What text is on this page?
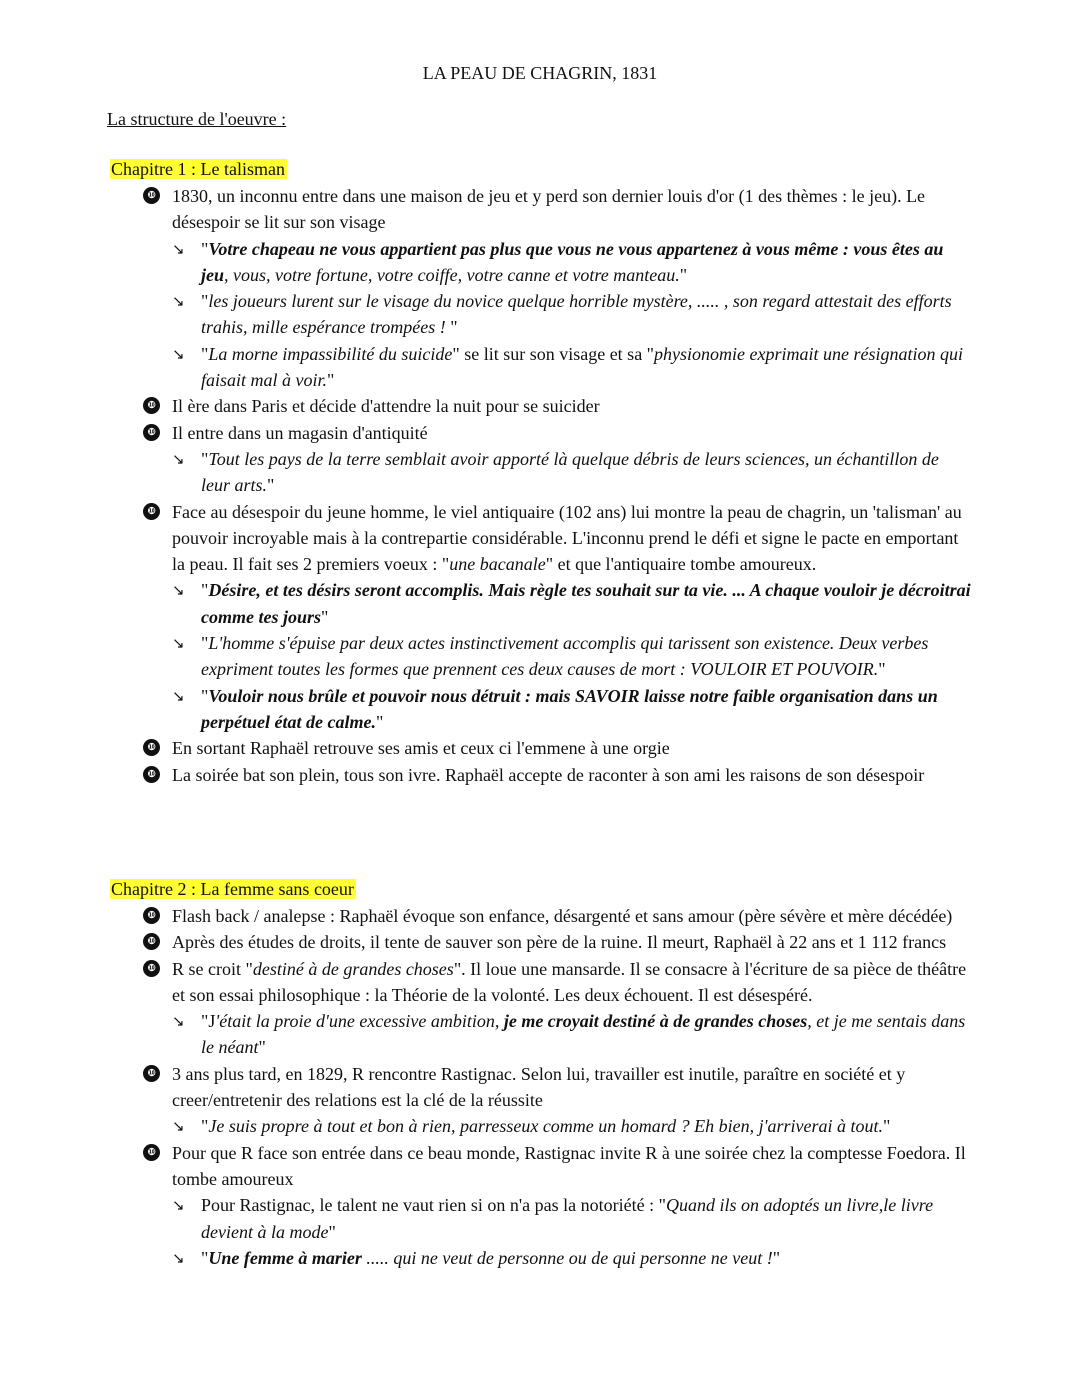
LA PEAU DE CHAGRIN, 1831
La structure de l'oeuvre :
Chapitre 1 : Le talisman
❿ 1830, un inconnu entre dans une maison de jeu et y perd son dernier louis d'or (1 des thèmes : le jeu). Le désespoir se lit sur son visage
↘ "Votre chapeau ne vous appartient pas plus que vous ne vous appartenez à vous même : vous êtes au jeu, vous, votre fortune, votre coiffe, votre canne et votre manteau."
↘ "les joueurs lurent sur le visage du novice quelque horrible mystère, ..... , son regard attestait des efforts trahis, mille espérance trompées ! "
↘ "La morne impassibilité du suicide" se lit sur son visage et sa "physionomie exprimait une résignation qui faisait mal à voir."
❿ Il ère dans Paris et décide d'attendre la nuit pour se suicider
❿ Il entre dans un magasin d'antiquité
↘ "Tout les pays de la terre semblait avoir apporté là quelque débris de leurs sciences, un échantillon de leur arts."
❿ Face au désespoir du jeune homme, le viel antiquaire (102 ans) lui montre la peau de chagrin, un 'talisman' au pouvoir incroyable mais à la contrepartie considérable. L'inconnu prend le défi et signe le pacte en emportant la peau. Il fait ses 2 premiers voeux : "une bacanale" et que l'antiquaire tombe amoureux.
↘ "Désire, et tes désirs seront accomplis. Mais règle tes souhait sur ta vie. ... A chaque vouloir je décroitrai comme tes jours"
↘ "L'homme s'épuise par deux actes instinctivement accomplis qui tarissent son existence. Deux verbes expriment toutes les formes que prennent ces deux causes de mort : VOULOIR ET POUVOIR."
↘ "Vouloir nous brûle et pouvoir nous détruit : mais SAVOIR laisse notre faible organisation dans un perpétuel état de calme."
❿ En sortant Raphaël retrouve ses amis et ceux ci l'emmene à une orgie
❿ La soirée bat son plein, tous son ivre. Raphaël accepte de raconter à son ami les raisons de son désespoir
Chapitre 2 : La femme sans coeur
❿ Flash back / analepse : Raphaël évoque son enfance, désargenté et sans amour (père sévère et mère décédée)
❿ Après des études de droits, il tente de sauver son père de la ruine. Il meurt, Raphaël à 22 ans et 1 112 francs
❿ R se croit "destiné à de grandes choses". Il loue une mansarde. Il se consacre à l'écriture de sa pièce de théâtre et son essai philosophique : la Théorie de la volonté. Les deux échouent. Il est désespéré.
↘ "J'était la proie d'une excessive ambition, je me croyait destiné à de grandes choses, et je me sentais dans le néant"
❿ 3 ans plus tard, en 1829, R rencontre Rastignac. Selon lui, travailler est inutile, paraître en société et y creer/entretenir des relations est la clé de la réussite
↘ "Je suis propre à tout et bon à rien, parresseux comme un homard ? Eh bien, j'arriverai à tout."
❿ Pour que R face son entrée dans ce beau monde, Rastignac invite R à une soirée chez la comptesse Foedora. Il tombe amoureux
↘ Pour Rastignac, le talent ne vaut rien si on n'a pas la notoriété : "Quand ils on adoptés un livre,le livre devient à la mode"
↘ "Une femme à marier ..... qui ne veut de personne ou de qui personne ne veut !"
